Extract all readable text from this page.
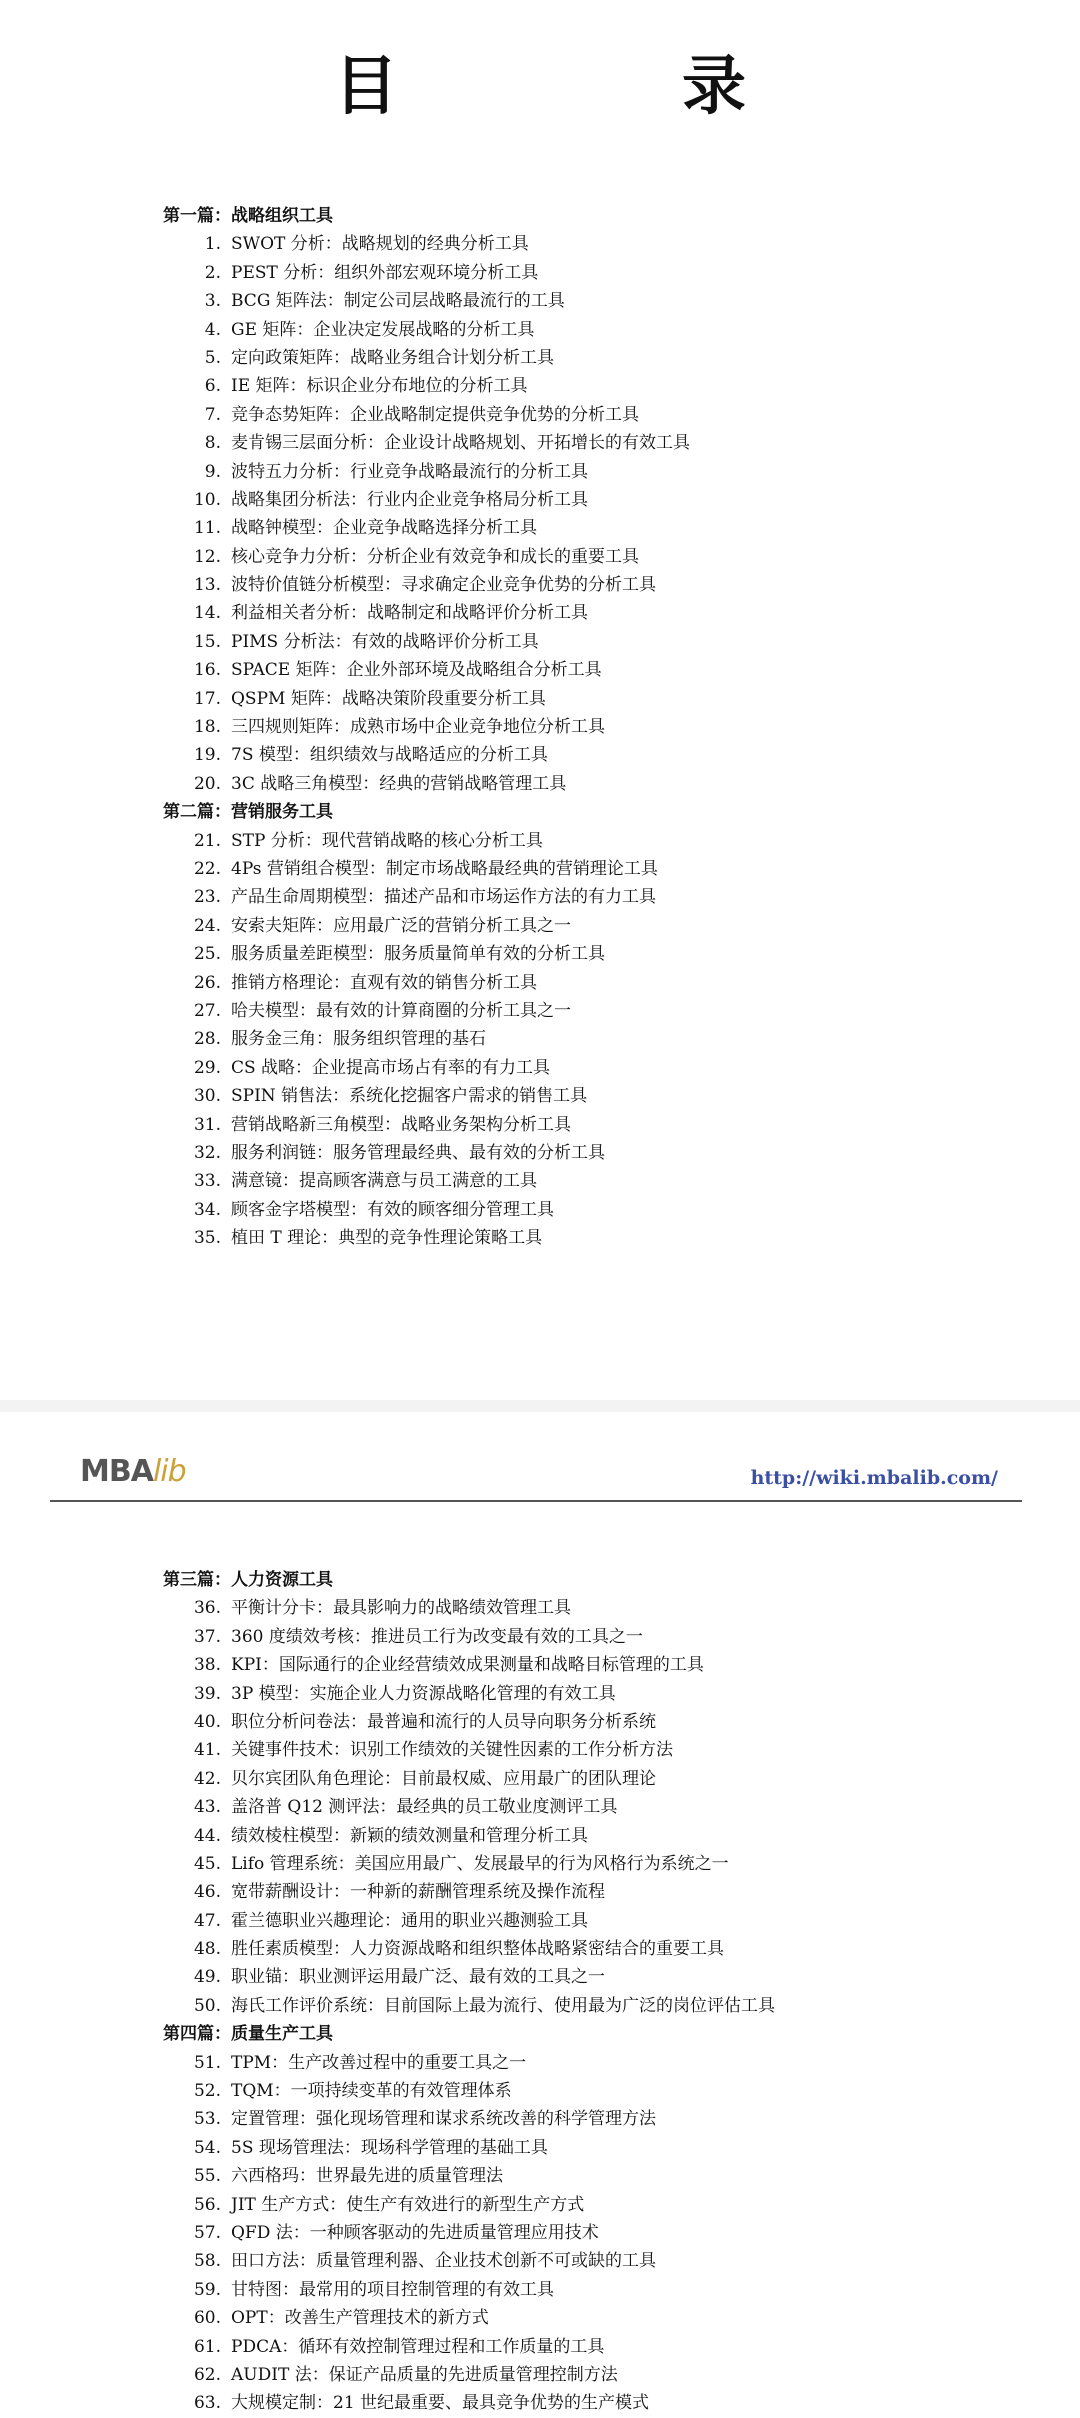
目　录
第一篇：战略组织工具
1. SWOT 分析：战略规划的经典分析工具
2. PEST 分析：组织外部宏观环境分析工具
3. BCG 矩阵法：制定公司层战略最流行的工具
4. GE 矩阵：企业决定发展战略的分析工具
5. 定向政策矩阵：战略业务组合计划分析工具
6. IE 矩阵：标识企业分布地位的分析工具
7. 竞争态势矩阵：企业战略制定提供竞争优势的分析工具
8. 麦肯锡三层面分析：企业设计战略规划、开拓增长的有效工具
9. 波特五力分析：行业竞争战略最流行的分析工具
10. 战略集团分析法：行业内企业竞争格局分析工具
11. 战略钟模型：企业竞争战略选择分析工具
12. 核心竞争力分析：分析企业有效竞争和成长的重要工具
13. 波特价值链分析模型：寻求确定企业竞争优势的分析工具
14. 利益相关者分析：战略制定和战略评价分析工具
15. PIMS 分析法：有效的战略评价分析工具
16. SPACE 矩阵：企业外部环境及战略组合分析工具
17. QSPM 矩阵：战略决策阶段重要分析工具
18. 三四规则矩阵：成熟市场中企业竞争地位分析工具
19. 7S 模型：组织绩效与战略适应的分析工具
20. 3C 战略三角模型：经典的营销战略管理工具
第二篇：营销服务工具
21. STP 分析：现代营销战略的核心分析工具
22. 4Ps 营销组合模型：制定市场战略最经典的营销理论工具
23. 产品生命周期模型：描述产品和市场运作方法的有力工具
24. 安索夫矩阵：应用最广泛的营销分析工具之一
25. 服务质量差距模型：服务质量简单有效的分析工具
26. 推销方格理论：直观有效的销售分析工具
27. 哈夫模型：最有效的计算商圈的分析工具之一
28. 服务金三角：服务组织管理的基石
29. CS 战略：企业提高市场占有率的有力工具
30. SPIN 销售法：系统化挖掘客户需求的销售工具
31. 营销战略新三角模型：战略业务架构分析工具
32. 服务利润链：服务管理最经典、最有效的分析工具
33. 满意镜：提高顾客满意与员工满意的工具
34. 顾客金字塔模型：有效的顾客细分管理工具
35. 植田 T 理论：典型的竞争性理论策略工具
MBAlib	http://wiki.mbalib.com/
第三篇：人力资源工具
36. 平衡计分卡：最具影响力的战略绩效管理工具
37. 360 度绩效考核：推进员工行为改变最有效的工具之一
38. KPI：国际通行的企业经营绩效成果测量和战略目标管理的工具
39. 3P 模型：实施企业人力资源战略化管理的有效工具
40. 职位分析问卷法：最普遍和流行的人员导向职务分析系统
41. 关键事件技术：识别工作绩效的关键性因素的工作分析方法
42. 贝尔宾团队角色理论：目前最权威、应用最广的团队理论
43. 盖洛普 Q12 测评法：最经典的员工敬业度测评工具
44. 绩效棱柱模型：新颖的绩效测量和管理分析工具
45. Lifo 管理系统：美国应用最广、发展最早的行为风格行为系统之一
46. 宽带薪酬设计：一种新的薪酬管理系统及操作流程
47. 霍兰德职业兴趣理论：通用的职业兴趣测验工具
48. 胜任素质模型：人力资源战略和组织整体战略紧密结合的重要工具
49. 职业锚：职业测评运用最广泛、最有效的工具之一
50. 海氏工作评价系统：目前国际上最为流行、使用最为广泛的岗位评估工具
第四篇：质量生产工具
51. TPM：生产改善过程中的重要工具之一
52. TQM：一项持续变革的有效管理体系
53. 定置管理：强化现场管理和谋求系统改善的科学管理方法
54. 5S 现场管理法：现场科学管理的基础工具
55. 六西格玛：世界最先进的质量管理法
56. JIT 生产方式：使生产有效进行的新型生产方式
57. QFD 法：一种顾客驱动的先进质量管理应用技术
58. 田口方法：质量管理利器、企业技术创新不可或缺的工具
59. 甘特图：最常用的项目控制管理的有效工具
60. OPT：改善生产管理技术的新方式
61. PDCA：循环有效控制管理过程和工作质量的工具
62. AUDIT 法：保证产品质量的先进质量管理控制方法
63. 大规模定制：21 世纪最重要、最具竞争优势的生产模式
